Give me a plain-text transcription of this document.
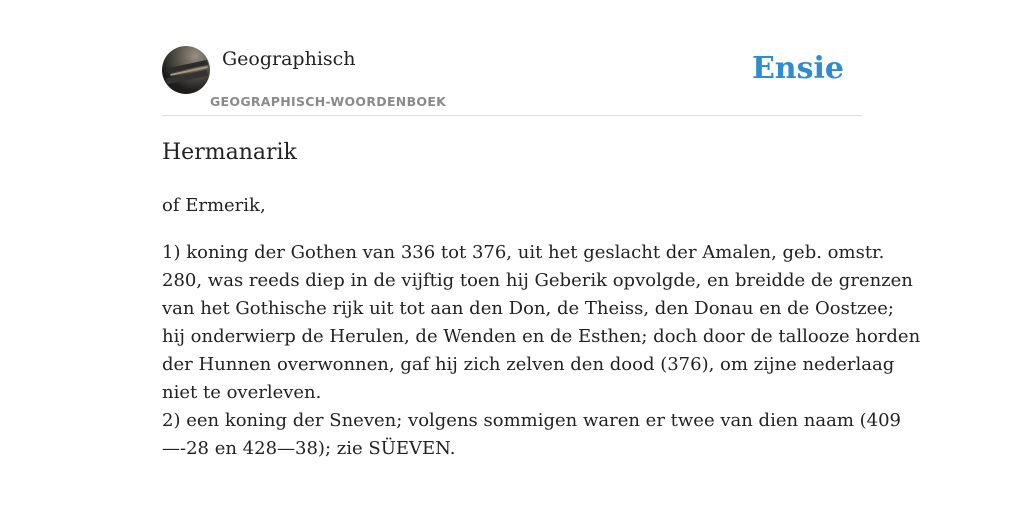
Geographisch
GEOGRAPHISCH-WOORDENBOEK
Ensie
Hermanarik

of Ermerik,

1) koning der Gothen van 336 tot 376, uit het geslacht der Amalen, geb. omstr.
280, was reeds diep in de vijftig toen hij Geberik opvolgde, en breidde de grenzen
van het Gothische rijk uit tot aan den Don, de Theiss, den Donau en de Oostzee;
hij onderwierp de Herulen, de Wenden en de Esthen; doch door de tallooze horden
der Hunnen overwonnen, gaf hij zich zelven den dood (376), om zijne nederlaag
niet te overleven.
2) een koning der Sneven; volgens sommigen waren er twee van dien naam (409
—-28 en 428—38); zie SÜEVEN.
